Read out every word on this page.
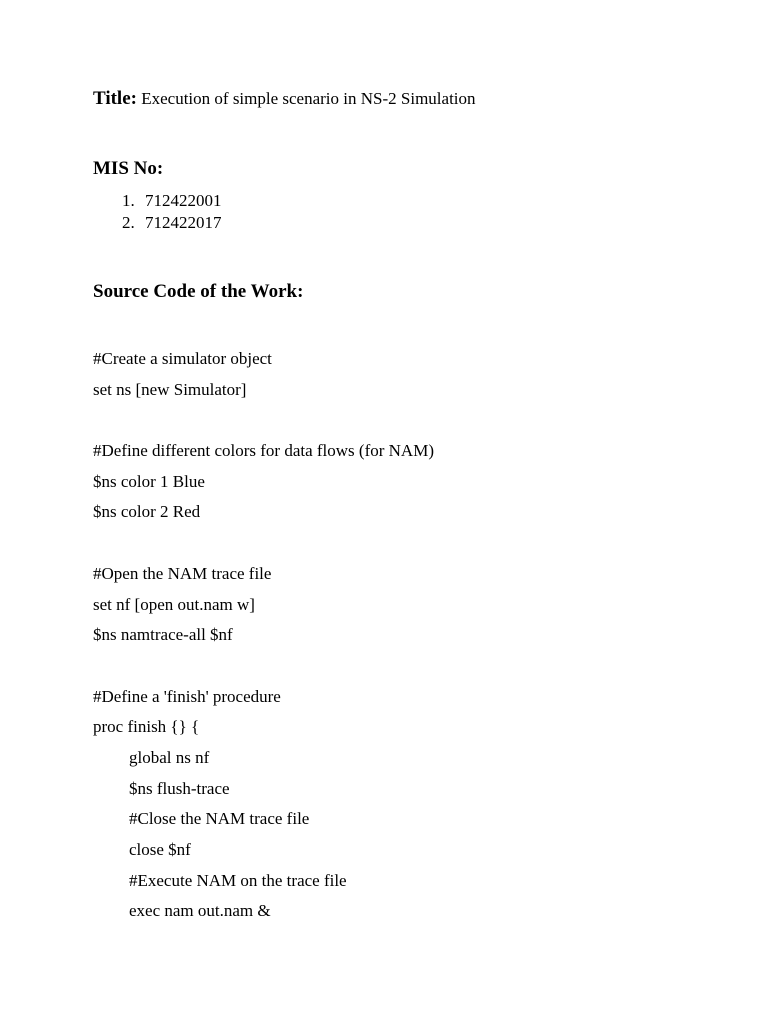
Title: Execution of simple scenario in NS-2 Simulation
MIS No:
1. 712422001
2. 712422017
Source Code of the Work:
#Create a simulator object
set ns [new Simulator]
#Define different colors for data flows (for NAM)
$ns color 1 Blue
$ns color 2 Red
#Open the NAM trace file
set nf [open out.nam w]
$ns namtrace-all $nf
#Define a 'finish' procedure
proc finish {} {
global ns nf
$ns flush-trace
#Close the NAM trace file
close $nf
#Execute NAM on the trace file
exec nam out.nam &
